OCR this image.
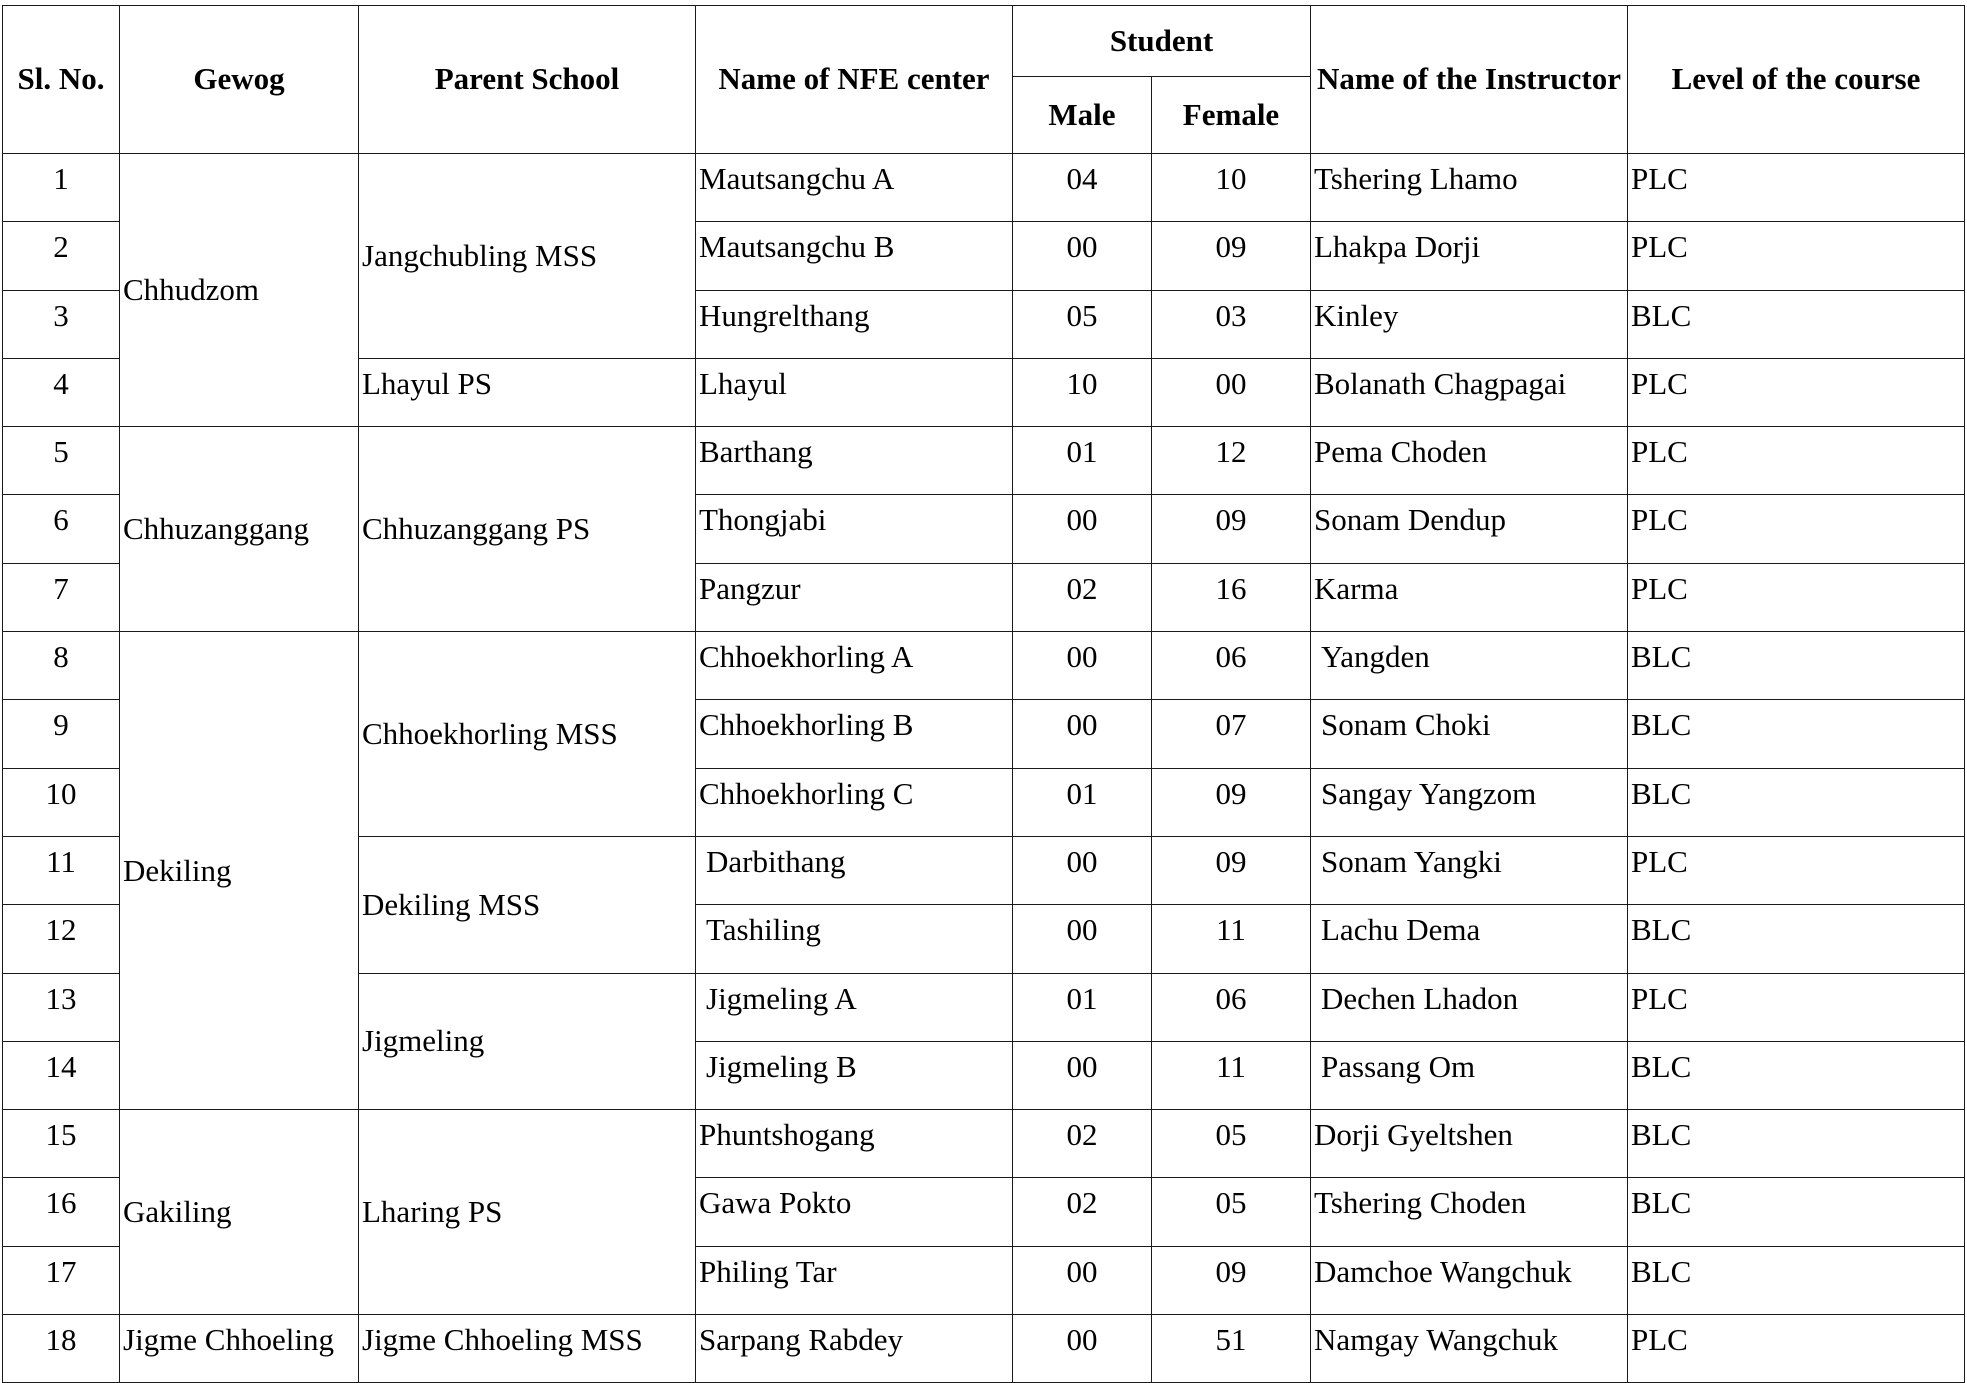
Sl. No.	Gewog	Parent School	Name of NFE center	Student		Name of the Instructor	Level of the course
				Male	Female		
1	Chhudzom	Jangchubling MSS	Mautsangchu A	04	10	Tshering Lhamo	PLC
2			Mautsangchu B	00	09	Lhakpa Dorji	PLC
3			Hungrelthang	05	03	Kinley	BLC
4		Lhayul PS	Lhayul	10	00	Bolanath Chagpagai	PLC
5	Chhuzanggang	Chhuzanggang PS	Barthang	01	12	Pema Choden	PLC
6			Thongjabi	00	09	Sonam Dendup	PLC
7			Pangzur	02	16	Karma	PLC
8	Dekiling	Chhoekhorling MSS	Chhoekhorling A	00	06	Yangden	BLC
9			Chhoekhorling B	00	07	Sonam Choki	BLC
10			Chhoekhorling C	01	09	Sangay Yangzom	BLC
11		Dekiling MSS	Darbithang	00	09	Sonam Yangki	PLC
12			Tashiling	00	11	Lachu Dema	BLC
13		Jigmeling	Jigmeling A	01	06	Dechen Lhadon	PLC
14			Jigmeling B	00	11	Passang Om	BLC
15	Gakiling	Lharing PS	Phuntshogang	02	05	Dorji Gyeltshen	BLC
16			Gawa Pokto	02	05	Tshering Choden	BLC
17			Philing Tar	00	09	Damchoe Wangchuk	BLC
18	Jigme Chhoeling	Jigme Chhoeling MSS	Sarpang Rabdey	00	51	Namgay Wangchuk	PLC
